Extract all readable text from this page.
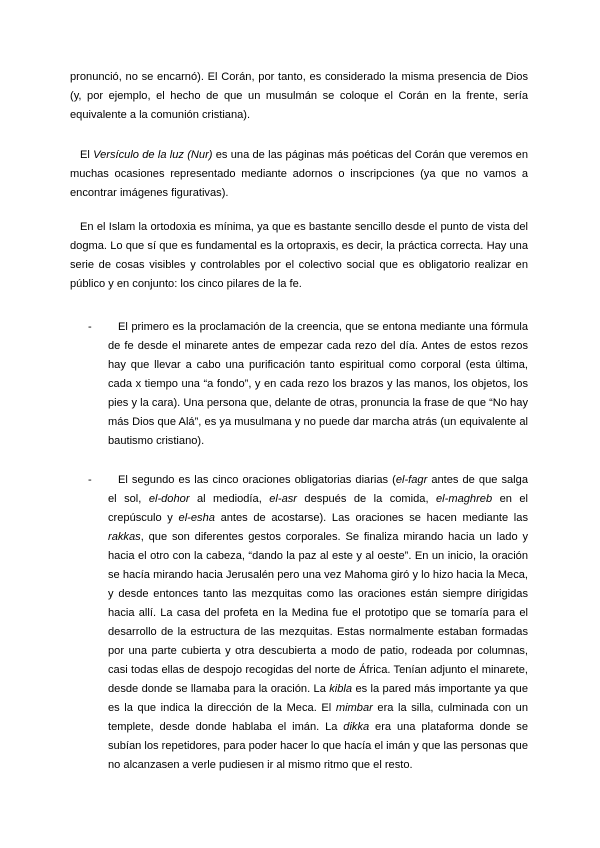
pronunció, no se encarnó). El Corán, por tanto, es considerado la misma presencia de Dios (y, por ejemplo, el hecho de que un musulmán se coloque el Corán en la frente, sería equivalente a la comunión cristiana).

El Versículo de la luz (Nur) es una de las páginas más poéticas del Corán que veremos en muchas ocasiones representado mediante adornos o inscripciones (ya que no vamos a encontrar imágenes figurativas).

En el Islam la ortodoxia es mínima, ya que es bastante sencillo desde el punto de vista del dogma. Lo que sí que es fundamental es la ortopraxis, es decir, la práctica correcta. Hay una serie de cosas visibles y controlables por el colectivo social que es obligatorio realizar en público y en conjunto: los cinco pilares de la fe.

-	El primero es la proclamación de la creencia, que se entona mediante una fórmula de fe desde el minarete antes de empezar cada rezo del día. Antes de estos rezos hay que llevar a cabo una purificación tanto espiritual como corporal (esta última, cada x tiempo una “a fondo”, y en cada rezo los brazos y las manos, los objetos, los pies y la cara). Una persona que, delante de otras, pronuncia la frase de que “No hay más Dios que Alá”, es ya musulmana y no puede dar marcha atrás (un equivalente al bautismo cristiano).

-	El segundo es las cinco oraciones obligatorias diarias (el-fagr antes de que salga el sol, el-dohor al mediodía, el-asr después de la comida, el-maghreb en el crepúsculo y el-esha antes de acostarse). Las oraciones se hacen mediante las rakkas, que son diferentes gestos corporales. Se finaliza mirando hacia un lado y hacia el otro con la cabeza, “dando la paz al este y al oeste”. En un inicio, la oración se hacía mirando hacia Jerusalén pero una vez Mahoma giró y lo hizo hacia la Meca, y desde entonces tanto las mezquitas como las oraciones están siempre dirigidas hacia allí. La casa del profeta en la Medina fue el prototipo que se tomaría para el desarrollo de la estructura de las mezquitas. Estas normalmente estaban formadas por una parte cubierta y otra descubierta a modo de patio, rodeada por columnas, casi todas ellas de despojo recogidas del norte de África. Tenían adjunto el minarete, desde donde se llamaba para la oración. La kibla es la pared más importante ya que es la que indica la dirección de la Meca. El mimbar era la silla, culminada con un templete, desde donde hablaba el imán. La dikka era una plataforma donde se subían los repetidores, para poder hacer lo que hacía el imán y que las personas que no alcanzasen a verle pudiesen ir al mismo ritmo que el resto.
